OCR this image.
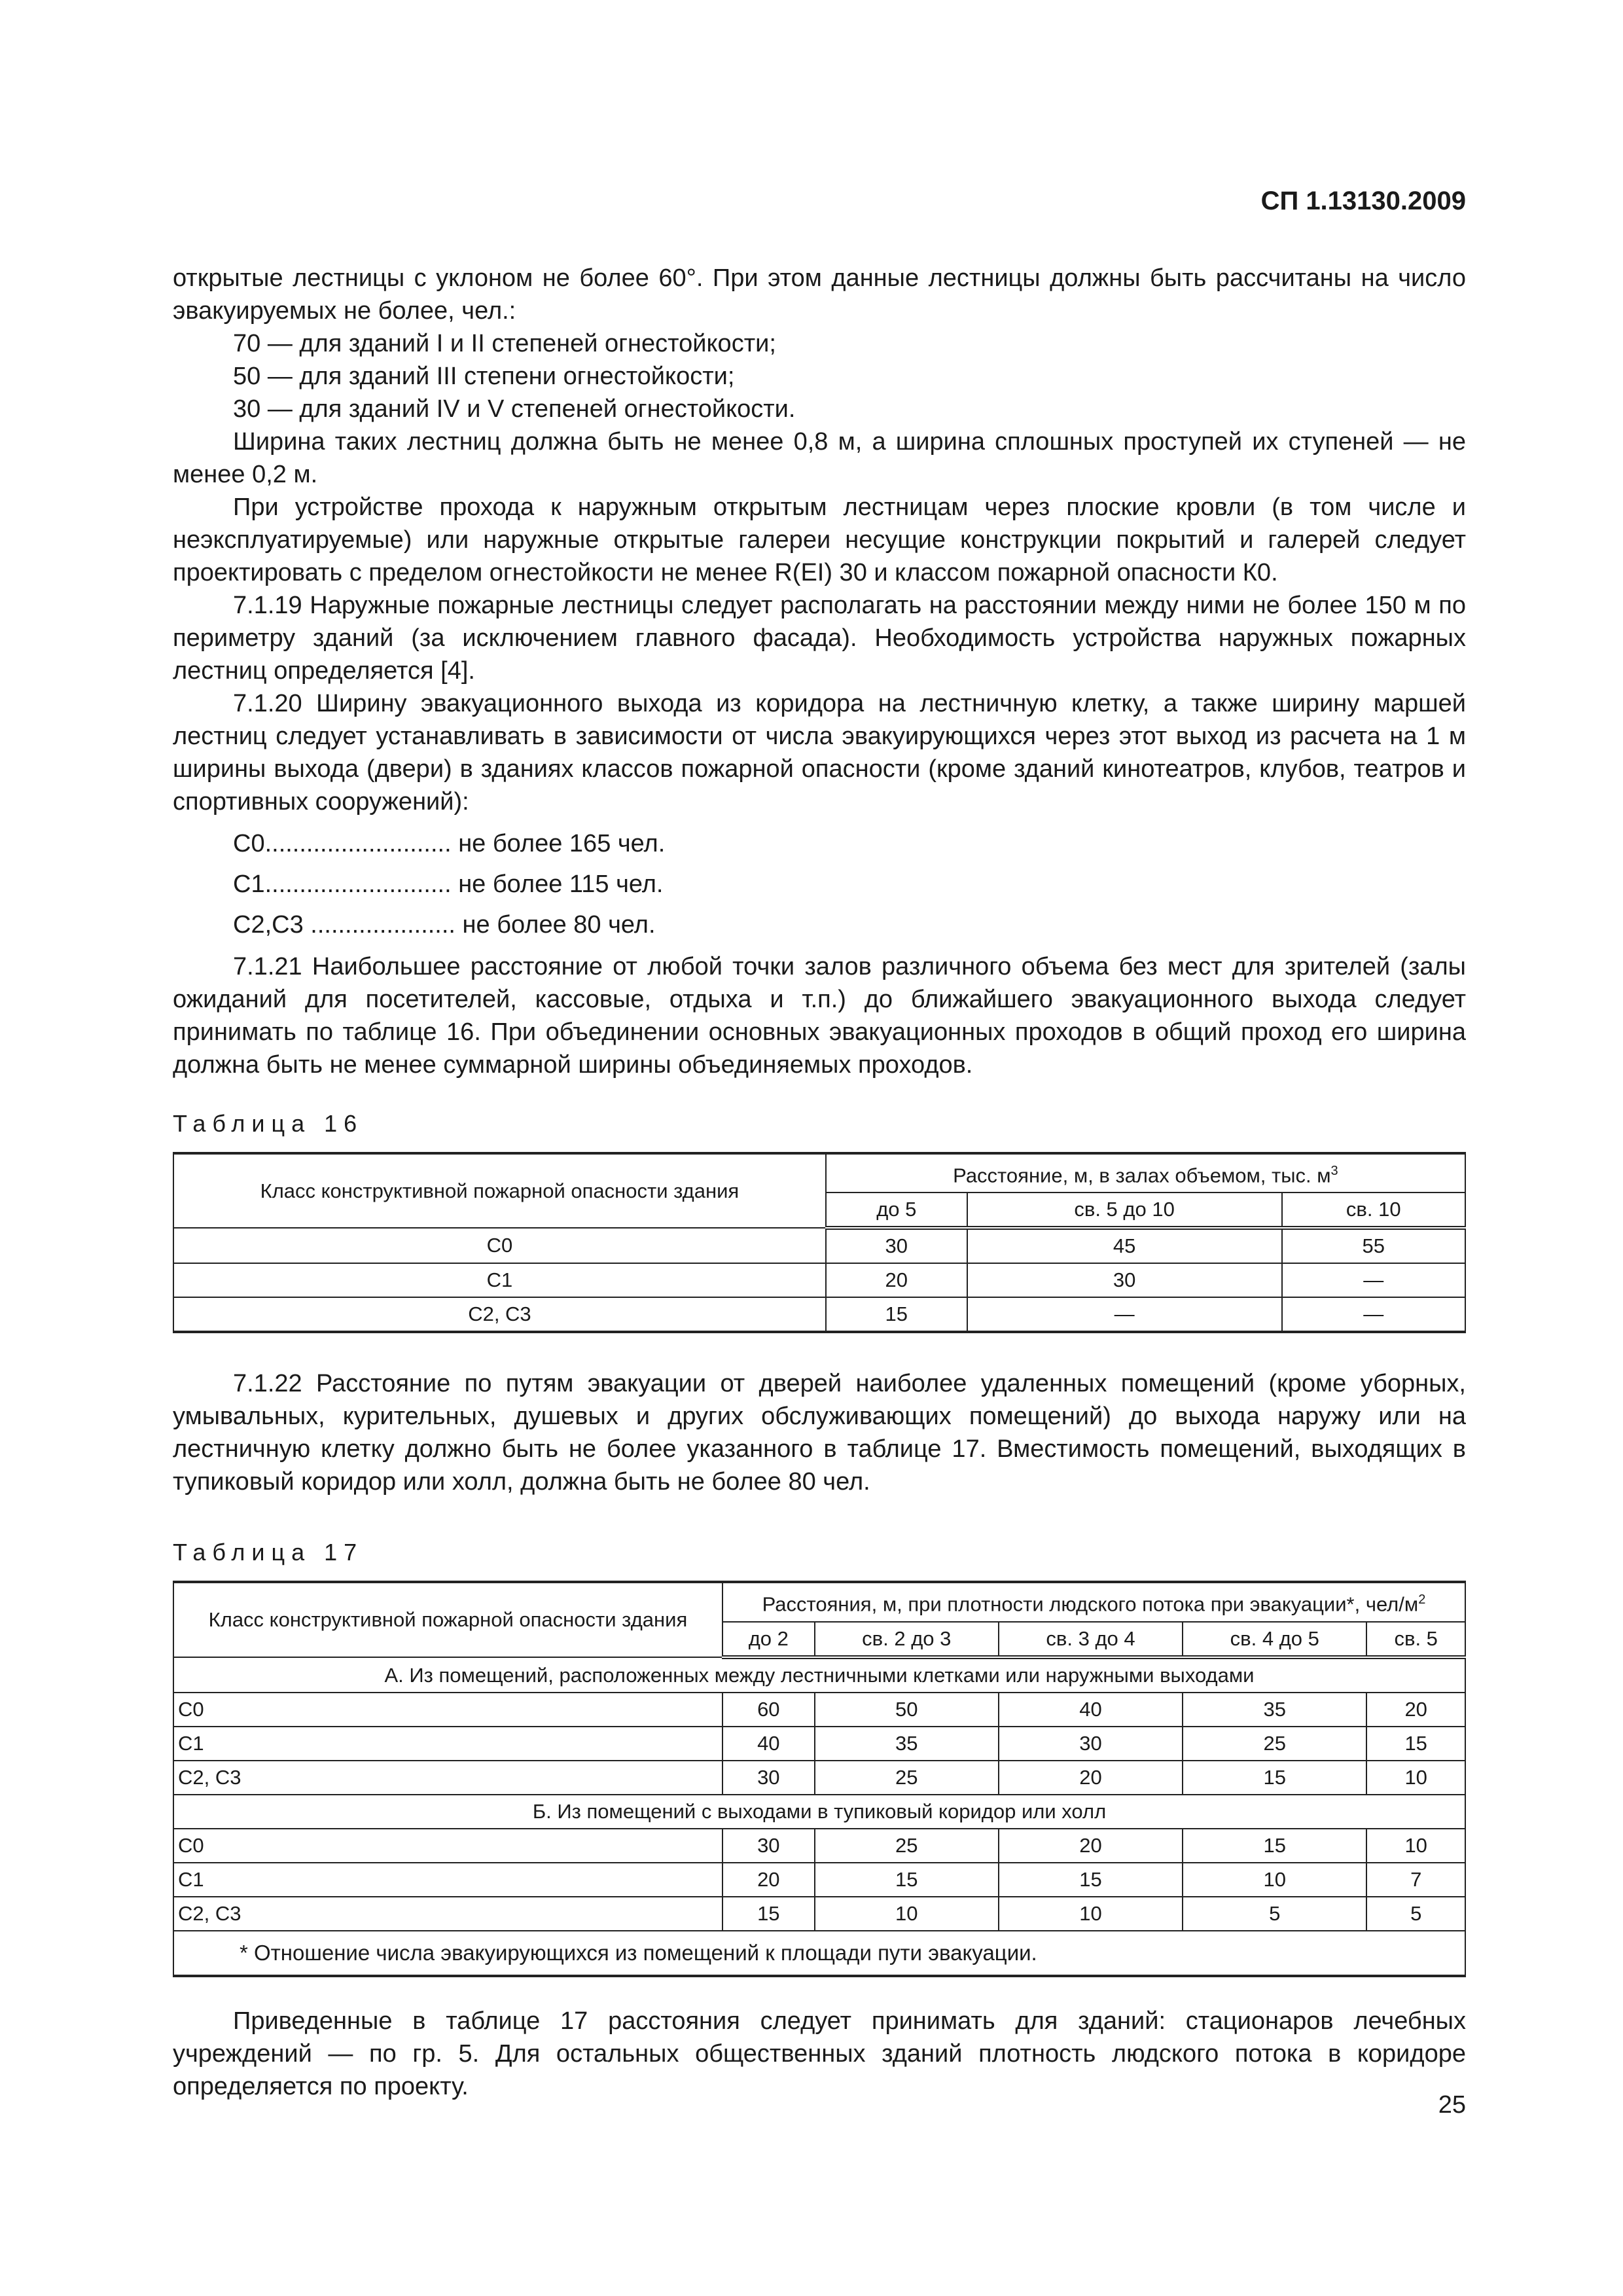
СП 1.13130.2009

открытые лестницы с уклоном не более 60°. При этом данные лестницы должны быть рассчитаны на число эвакуируемых не более, чел.:

70 — для зданий I и II степеней огнестойкости;

50 — для зданий III степени огнестойкости;

30 — для зданий IV и V степеней огнестойкости.

Ширина таких лестниц должна быть не менее 0,8 м, а ширина сплошных проступей их ступеней — не менее 0,2 м.

При устройстве прохода к наружным открытым лестницам через плоские кровли (в том числе и неэксплуатируемые) или наружные открытые галереи несущие конструкции покрытий и галерей следует проектировать с пределом огнестойкости не менее R(EI) 30 и классом пожарной опасности К0.

7.1.19 Наружные пожарные лестницы следует располагать на расстоянии между ними не более 150 м по периметру зданий (за исключением главного фасада). Необходимость устройства наружных пожарных лестниц определяется [4].

7.1.20 Ширину эвакуационного выхода из коридора на лестничную клетку, а также ширину маршей лестниц следует устанавливать в зависимости от числа эвакуирующихся через этот выход из расчета на 1 м ширины выхода (двери) в зданиях классов пожарной опасности (кроме зданий кинотеатров, клубов, театров и спортивных сооружений):

С0........................... не более 165 чел.

С1........................... не более 115 чел.

С2,С3 ..................... не более 80 чел.

7.1.21 Наибольшее расстояние от любой точки залов различного объема без мест для зрителей (залы ожиданий для посетителей, кассовые, отдыха и т.п.) до ближайшего эвакуационного выхода следует принимать по таблице 16. При объединении основных эвакуационных проходов в общий проход его ширина должна быть не менее суммарной ширины объединяемых проходов.

Таблица 16
Класс конструктивной пожарной опасности здания	Расстояние, м, в залах объемом, тыс. $м^3$
	до 5	св. 5 до 10	св. 10
С0	30	45	55
С1	20	30	—
С2, С3	15	—	—

7.1.22 Расстояние по путям эвакуации от дверей наиболее удаленных помещений (кроме уборных, умывальных, курительных, душевых и других обслуживающих помещений) до выхода наружу или на лестничную клетку должно быть не более указанного в таблице 17. Вместимость помещений, выходящих в тупиковый коридор или холл, должна быть не более 80 чел.

Таблица 17
Класс конструктивной пожарной опасности здания	Расстояния, м, при плотности людского потока при эвакуации*, чел/$м^2$
	до 2	св. 2 до 3	св. 3 до 4	св. 4 до 5	св. 5
А. Из помещений, расположенных между лестничными клетками или наружными выходами					
С0	60	50	40	35	20
С1	40	35	30	25	15
С2, С3	30	25	20	15	10
Б. Из помещений с выходами в тупиковый коридор или холл					
С0	30	25	20	15	10
С1	20	15	15	10	7
С2, С3	15	10	10	5	5
* Отношение числа эвакуирующихся из помещений к площади пути эвакуации.					

Приведенные в таблице 17 расстояния следует принимать для зданий: стационаров лечебных учреждений — по гр. 5. Для остальных общественных зданий плотность людского потока в коридоре определяется по проекту.

25
